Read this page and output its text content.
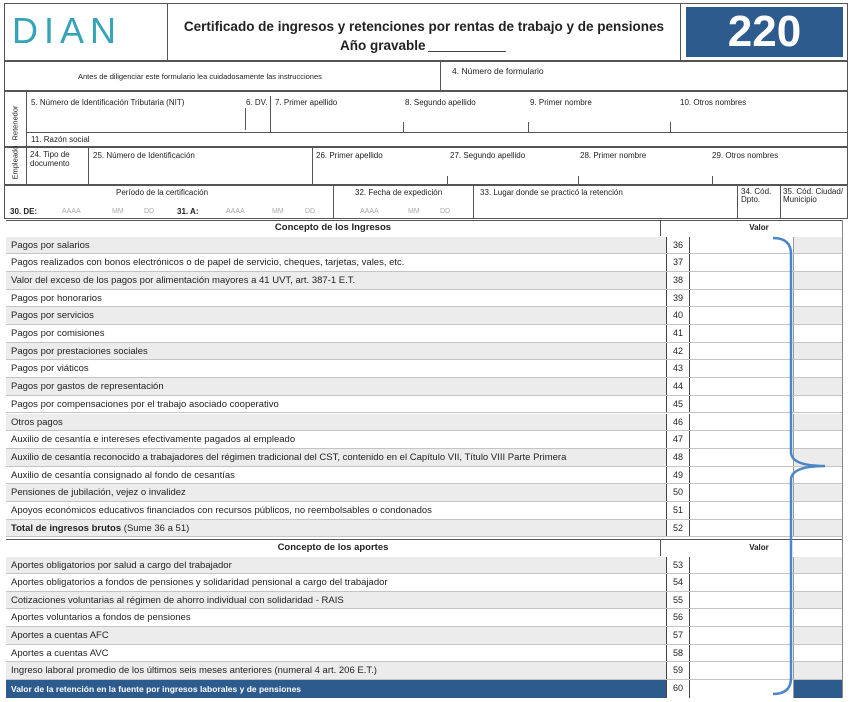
DIAN	Certificado de ingresos y retenciones por rentas de trabajo y de pensiones
Año gravable	220
Antes de diligenciar este formulario lea cuidadosamente las instrucciones
4. Número de formulario
Retenedor
5. Número de Identificación Tributaria (NIT)	6. DV. 7. Primer apellido	8. Segundo apellido	9. Primer nombre	10. Otros nombres
11. Razón social
Empleado 24. Tipo de documento
25. Número de Identificación	26. Primer apellido	27. Segundo apellido	28. Primer nombre	29. Otros nombres
Período de la certificación
30. DE:	AAAA	MM	DD	31. A:	AAAA	MM	DD
32. Fecha de expedición
AAAA	MM	DD
33. Lugar donde se practicó la retención	34. Cód. Dpto.
35. Cód. Ciudad/ Municipio
Concepto de los Ingresos	Valor
Pagos por salarios	36
Pagos realizados con bonos electrónicos o de papel de servicio, cheques, tarjetas, vales, etc.	37
Valor del exceso de los pagos por alimentación mayores a 41 UVT, art. 387-1 E.T.	38
Pagos por honorarios	39
Pagos por servicios	40
Pagos por comisiones	41
Pagos por prestaciones sociales	42
Pagos por viáticos	43
Pagos por gastos de representación	44
Pagos por compensaciones por el trabajo asociado cooperativo	45
Otros pagos	46
Auxilio de cesantía e intereses efectivamente pagados al empleado	47
Auxilio de cesantía reconocido a trabajadores del régimen tradicional del CST, contenido en el Capítulo VII, Título VIII Parte Primera	48
Auxilio de cesantía consignado al fondo de cesantías	49
Pensiones de jubilación, vejez o invalidez	50
Apoyos económicos educativos financiados con recursos públicos, no reembolsables o condonados	51
Total de ingresos brutos (Sume 36 a 51)	52
Concepto de los aportes	Valor
Aportes obligatorios por salud a cargo del trabajador	53
Aportes obligatorios a fondos de pensiones y solidaridad pensional a cargo del trabajador	54
Cotizaciones voluntarias al régimen de ahorro individual con solidaridad - RAIS	55
Aportes voluntarios a fondos de pensiones	56
Aportes a cuentas AFC	57
Aportes a cuentas AVC	58
Ingreso laboral promedio de los últimos seis meses anteriores (numeral 4 art. 206 E.T.)	59
Valor de la retención en la fuente por ingresos laborales y de pensiones	60
